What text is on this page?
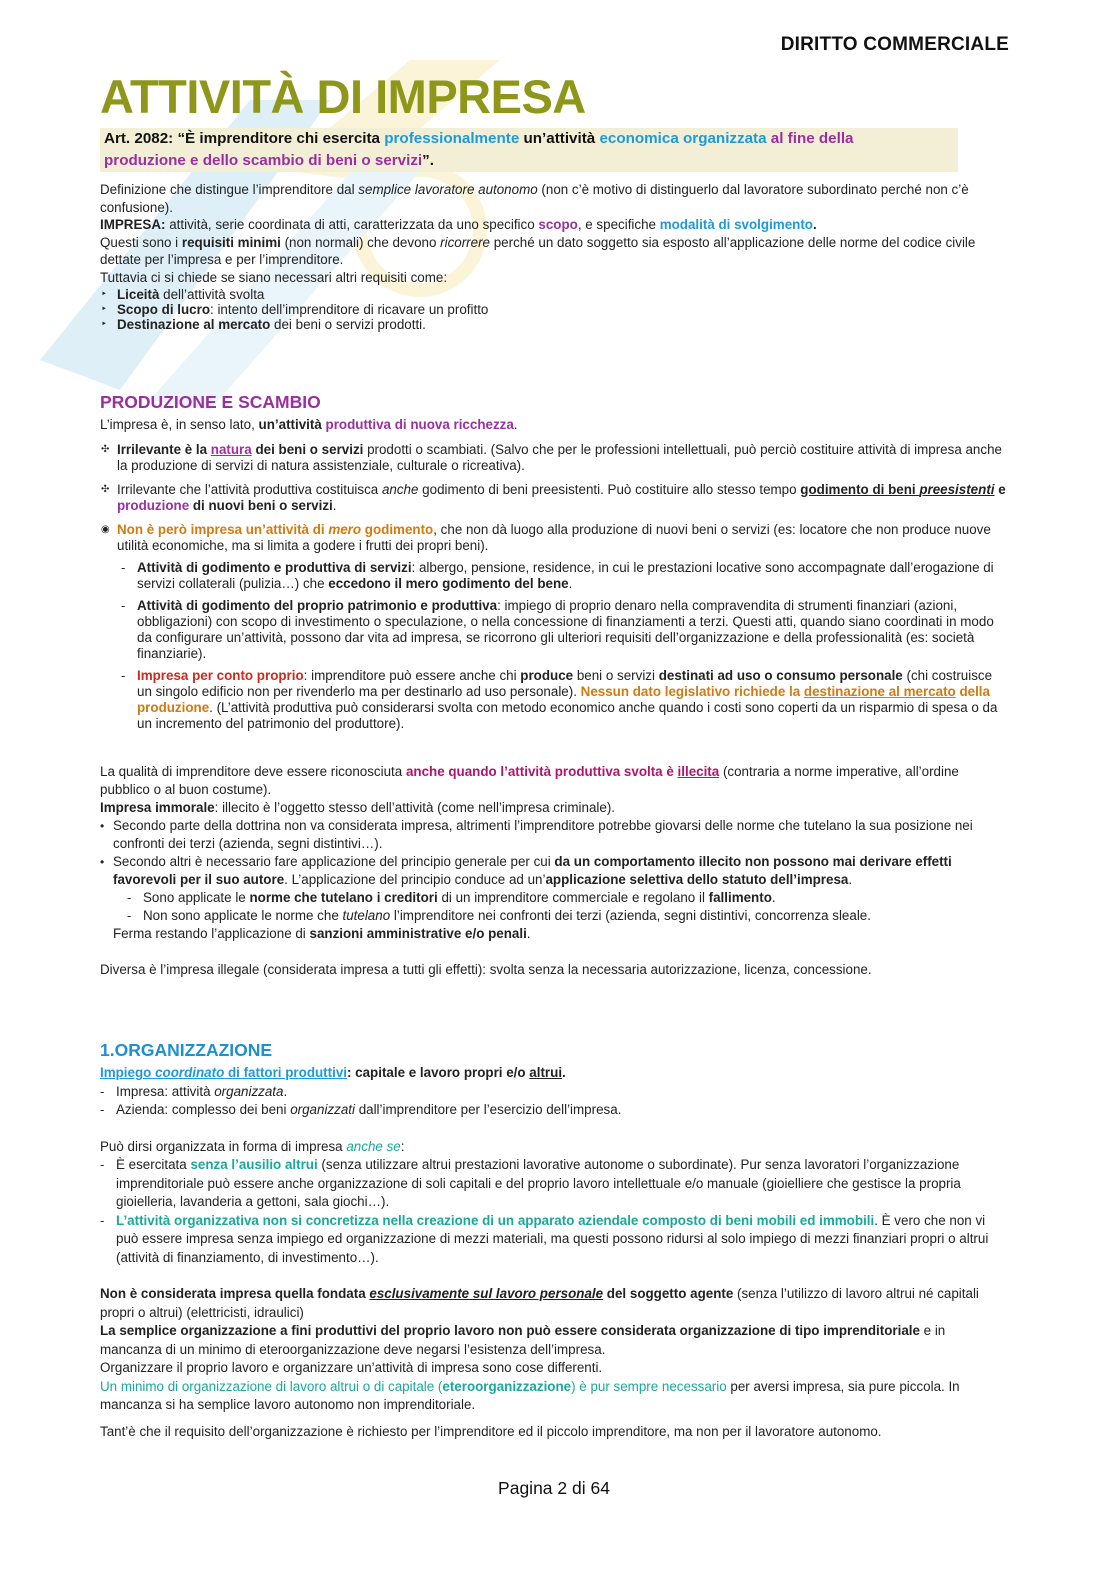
DIRITTO COMMERCIALE
ATTIVITÀ DI IMPRESA
Art. 2082: “È imprenditore chi esercita professionalmente un’attività economica organizzata al fine della
produzione e dello scambio di beni o servizi”.

Definizione che distingue l’imprenditore dal semplice lavoratore autonomo (non c’è motivo di distinguerlo dal lavoratore subordinato perché non c’è confusione).

IMPRESA: attività, serie coordinata di atti, caratterizzata da uno specifico scopo, e specifiche modalità di svolgimento.

Questi sono i requisiti minimi (non normali) che devono ricorrere perché un dato soggetto sia esposto all’applicazione delle norme del codice civile dettate per l’impresa e per l’imprenditore.

Tuttavia ci si chiede se siano necessari altri requisiti come:

‣ Liceità dell’attività svolta
‣ Scopo di lucro: intento dell’imprenditore di ricavare un profitto
‣ Destinazione al mercato dei beni o servizi prodotti.
PRODUZIONE E SCAMBIO

L’impresa è, in senso lato, un’attività produttiva di nuova ricchezza.

✣ Irrilevante è la natura dei beni o servizi prodotti o scambiati. (Salvo che per le professioni intellettuali, può perciò costituire attività di impresa anche la produzione di servizi di natura assistenziale, culturale o ricreativa).

✣ Irrilevante che l’attività produttiva costituisca anche godimento di beni preesistenti. Può costituire allo stesso tempo godimento di beni preesistenti e produzione di nuovi beni o servizi.

◉ Non è però impresa un’attività di mero godimento, che non dà luogo alla produzione di nuovi beni o servizi (es: locatore che non produce nuove utilità economiche, ma si limita a godere i frutti dei propri beni).

- Attività di godimento e produttiva di servizi: albergo, pensione, residence, in cui le prestazioni locative sono accompagnate dall’erogazione di servizi collaterali (pulizia…) che eccedono il mero godimento del bene.

- Attività di godimento del proprio patrimonio e produttiva: impiego di proprio denaro nella compravendita di strumenti finanziari (azioni, obbligazioni) con scopo di investimento o speculazione, o nella concessione di finanziamenti a terzi. Questi atti, quando siano coordinati in modo da configurare un’attività, possono dar vita ad impresa, se ricorrono gli ulteriori requisiti dell’organizzazione e della professionalità (es: società finanziarie).

- Impresa per conto proprio: imprenditore può essere anche chi produce beni o servizi destinati ad uso o consumo personale (chi costruisce un singolo edificio non per rivenderlo ma per destinarlo ad uso personale). Nessun dato legislativo richiede la destinazione al mercato della produzione. (L’attività produttiva può considerarsi svolta con metodo economico anche quando i costi sono coperti da un risparmio di spesa o da un incremento del patrimonio del produttore).

La qualità di imprenditore deve essere riconosciuta anche quando l’attività produttiva svolta è illecita (contraria a norme imperative, all’ordine pubblico o al buon costume).

Impresa immorale: illecito è l’oggetto stesso dell’attività (come nell’impresa criminale).

• Secondo parte della dottrina non va considerata impresa, altrimenti l’imprenditore potrebbe giovarsi delle norme che tutelano la sua posizione nei confronti dei terzi (azienda, segni distintivi…).

• Secondo altri è necessario fare applicazione del principio generale per cui da un comportamento illecito non possono mai derivare effetti favorevoli per il suo autore. L’applicazione del principio conduce ad un’applicazione selettiva dello statuto dell’impresa.

- Sono applicate le norme che tutelano i creditori di un imprenditore commerciale e regolano il fallimento.

- Non sono applicate le norme che tutelano l’imprenditore nei confronti dei terzi (azienda, segni distintivi, concorrenza sleale.

Ferma restando l’applicazione di sanzioni amministrative e/o penali.

Diversa è l’impresa illegale (considerata impresa a tutti gli effetti): svolta senza la necessaria autorizzazione, licenza, concessione.

1.ORGANIZZAZIONE

Impiego coordinato di fattori produttivi: capitale e lavoro propri e/o altrui.

- Impresa: attività organizzata.

- Azienda: complesso dei beni organizzati dall’imprenditore per l’esercizio dell’impresa.

Può dirsi organizzata in forma di impresa anche se:

- È esercitata senza l’ausilio altrui (senza utilizzare altrui prestazioni lavorative autonome o subordinate). Pur senza lavoratori l’organizzazione imprenditoriale può essere anche organizzazione di soli capitali e del proprio lavoro intellettuale e/o manuale (gioielliere che gestisce la propria gioielleria, lavanderia a gettoni, sala giochi…).

- L’attività organizzativa non si concretizza nella creazione di un apparato aziendale composto di beni mobili ed immobili. È vero che non vi può essere impresa senza impiego ed organizzazione di mezzi materiali, ma questi possono ridursi al solo impiego di mezzi finanziari propri o altrui (attività di finanziamento, di investimento…).

Non è considerata impresa quella fondata esclusivamente sul lavoro personale del soggetto agente (senza l’utilizzo di lavoro altrui né capitali propri o altrui) (elettricisti, idraulici)

La semplice organizzazione a fini produttivi del proprio lavoro non può essere considerata organizzazione di tipo imprenditoriale e in mancanza di un minimo di eteroorganizzazione deve negarsi l’esistenza dell’impresa.

Organizzare il proprio lavoro e organizzare un’attività di impresa sono cose differenti.

Un minimo di organizzazione di lavoro altrui o di capitale (eteroorganizzazione) è pur sempre necessario per aversi impresa, sia pure piccola. In mancanza si ha semplice lavoro autonomo non imprenditoriale.

Tant’è che il requisito dell’organizzazione è richiesto per l’imprenditore ed il piccolo imprenditore, ma non per il lavoratore autonomo.

Pagina 2 di 64
